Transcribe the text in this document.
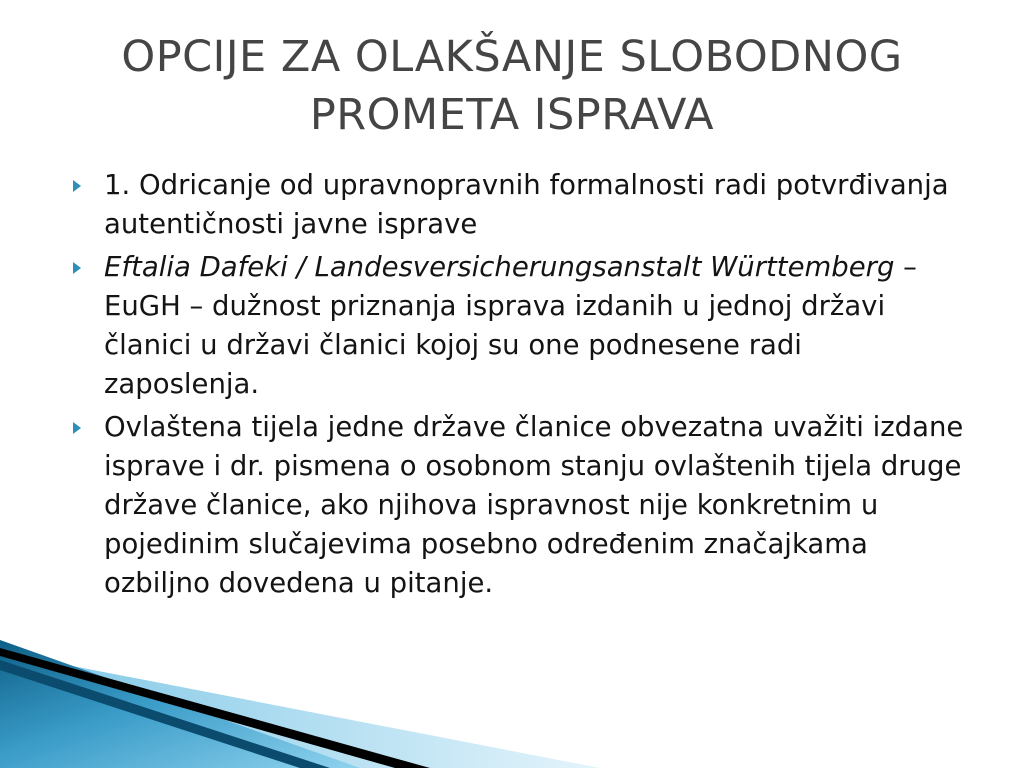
OPCIJE ZA OLAKŠANJE SLOBODNOG
PROMETA ISPRAVA

1. Odricanje od upravnopravnih formalnosti radi potvrđivanja autentičnosti javne isprave

Eftalia Dafeki / Landesversicherungsanstalt Württemberg – EuGH – dužnost priznanja isprava izdanih u jednoj državi članici u državi članici kojoj su one podnesene radi zaposlenja.

Ovlaštena tijela jedne države članice obvezatna uvažiti izdane isprave i dr. pismena o osobnom stanju ovlaštenih tijela druge države članice, ako njihova ispravnost nije konkretnim u pojedinim slučajevima posebno određenim značajkama ozbiljno dovedena u pitanje.
